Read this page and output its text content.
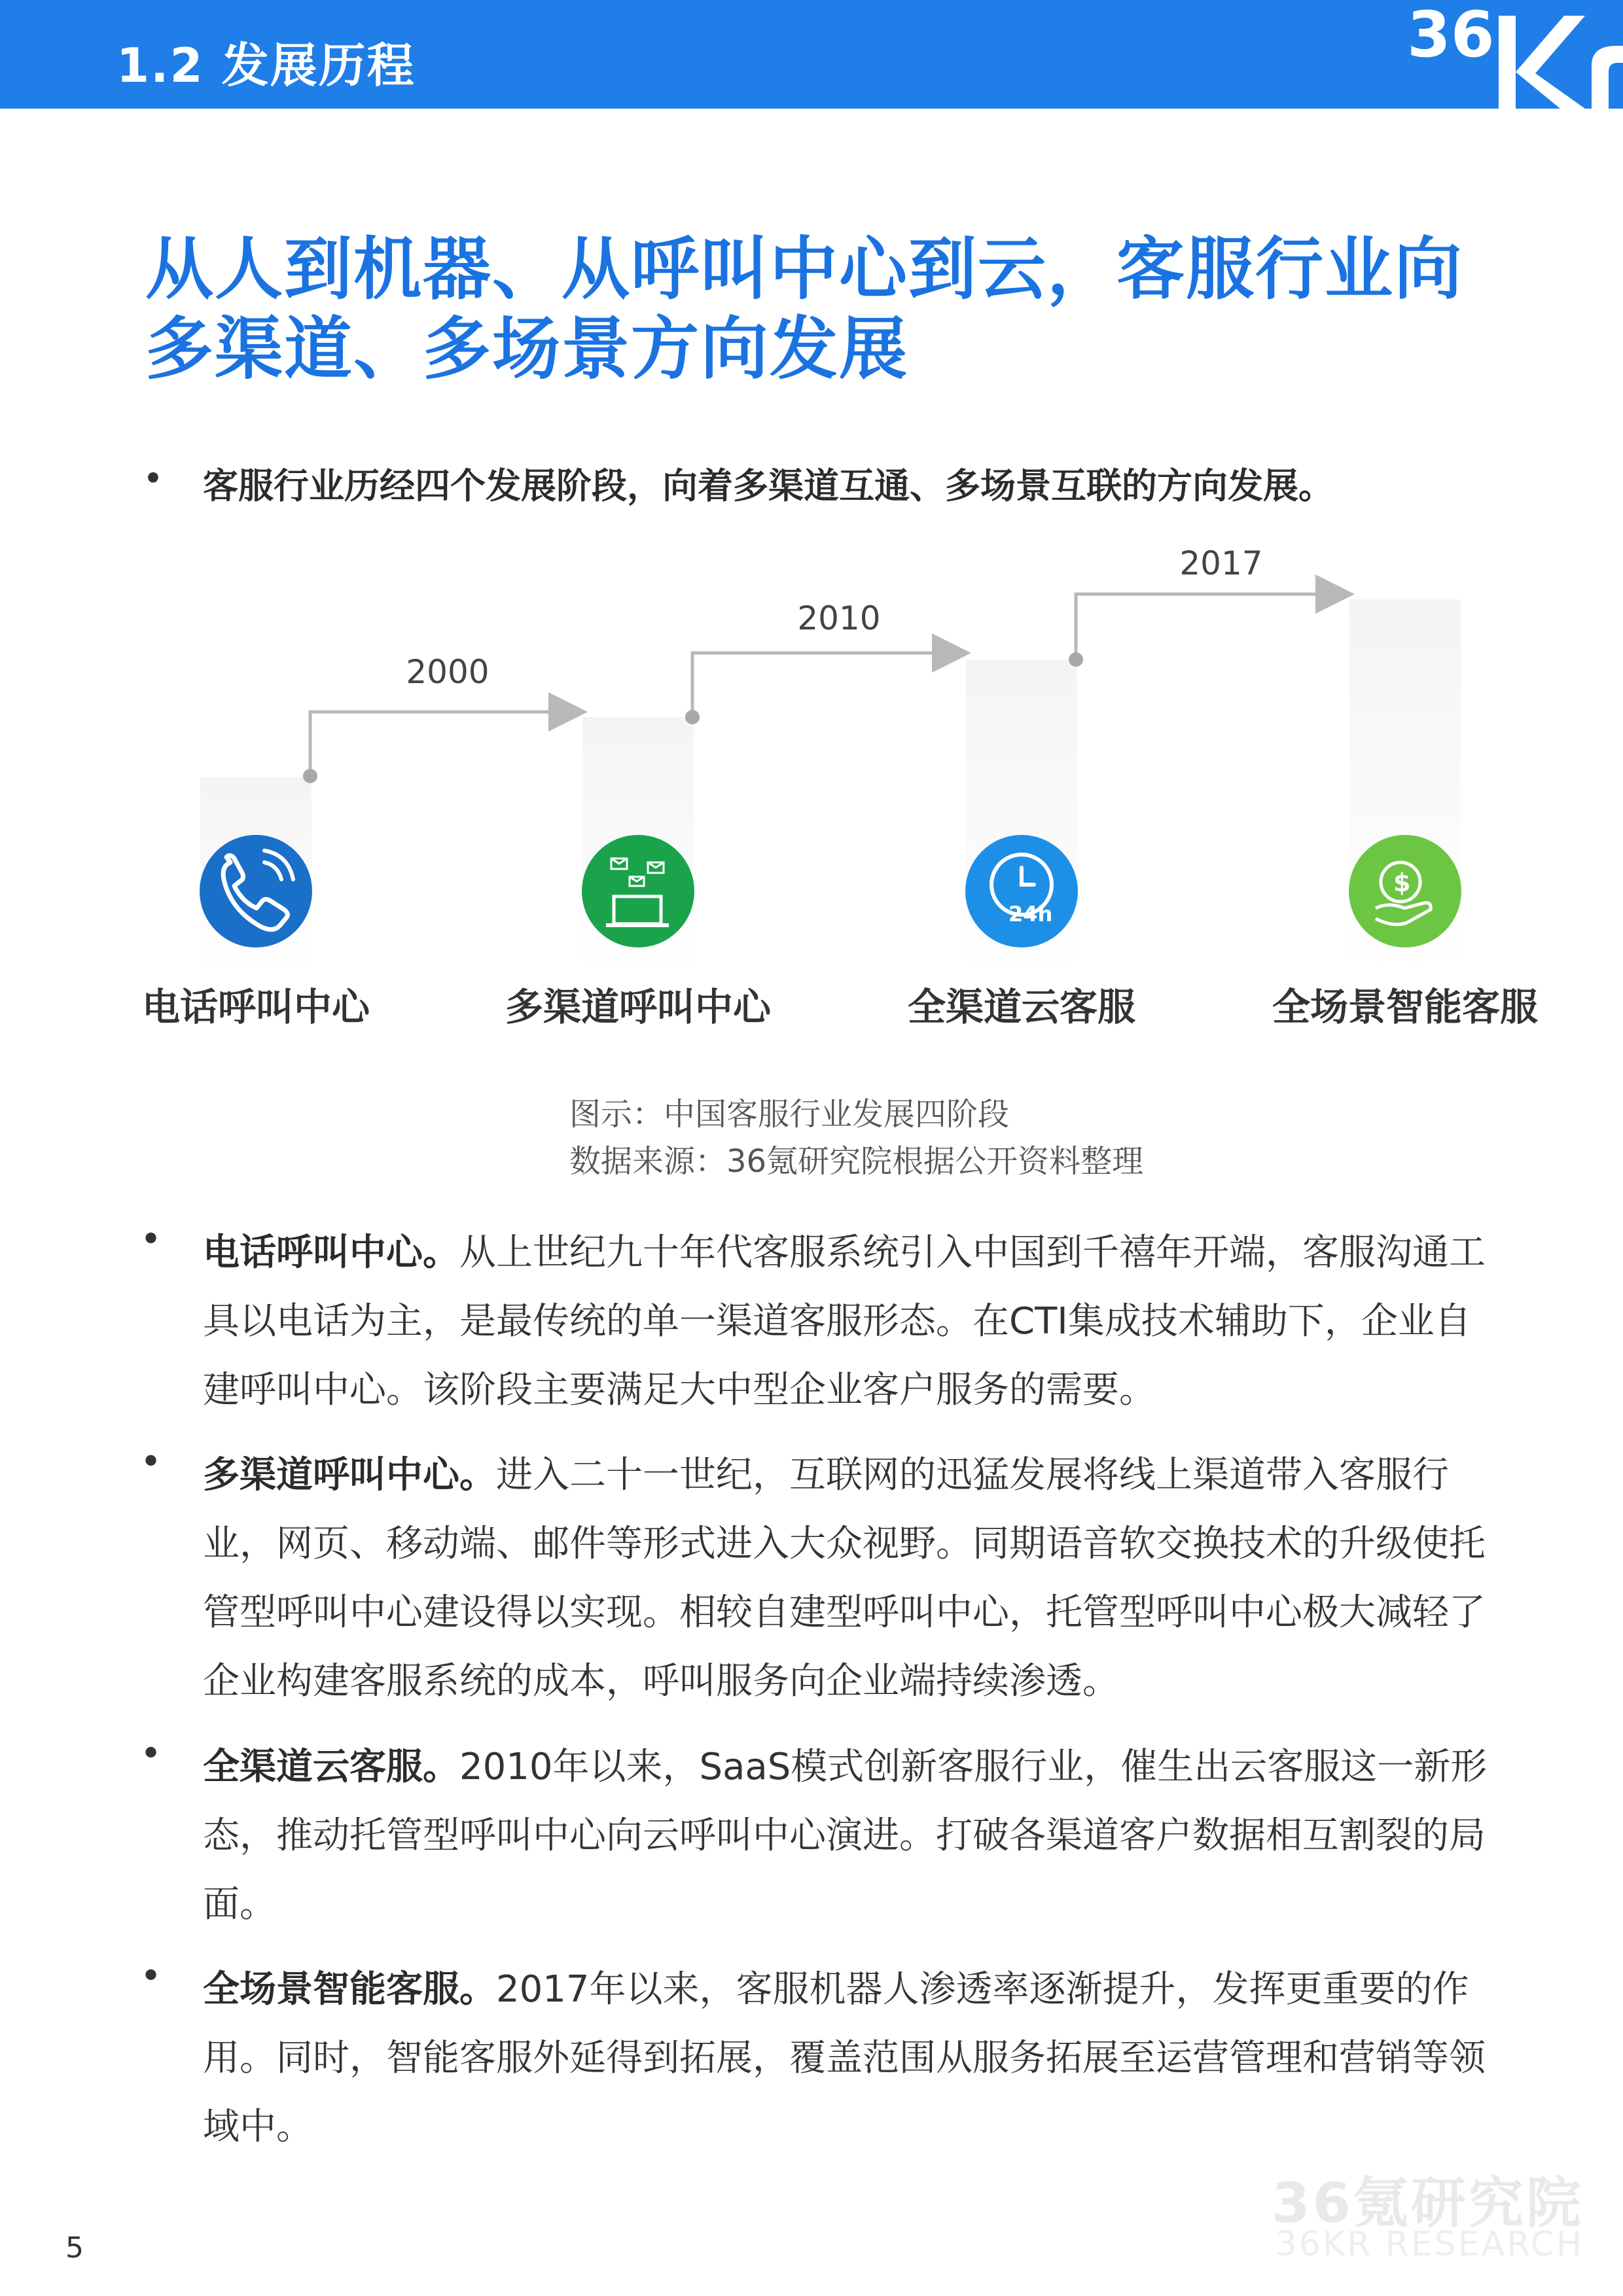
1.2 发展历程	36
从人到机器、从呼叫中心到云，客服行业向多渠道、多场景方向发展
• 客服行业历经四个发展阶段，向着多渠道互通、多场景互联的方向发展。
2000
2010
2017
24h
$
电话呼叫中心	多渠道呼叫中心	全渠道云客服	全场景智能客服
图示：中国客服行业发展四阶段
数据来源：36氪研究院根据公开资料整理
• 电话呼叫中心。从上世纪九十年代客服系统引入中国到千禧年开端，客服沟通工具以电话为主，是最传统的单一渠道客服形态。在CTI集成技术辅助下，企业自建呼叫中心。该阶段主要满足大中型企业客户服务的需要。
• 多渠道呼叫中心。进入二十一世纪，互联网的迅猛发展将线上渠道带入客服行业，网页、移动端、邮件等形式进入大众视野。同期语音软交换技术的升级使托管型呼叫中心建设得以实现。相较自建型呼叫中心，托管型呼叫中心极大减轻了企业构建客服系统的成本，呼叫服务向企业端持续渗透。
• 全渠道云客服。2010年以来，SaaS模式创新客服行业，催生出云客服这一新形态，推动托管型呼叫中心向云呼叫中心演进。打破各渠道客户数据相互割裂的局面。
• 全场景智能客服。2017年以来，客服机器人渗透率逐渐提升，发挥更重要的作用。同时，智能客服外延得到拓展，覆盖范围从服务拓展至运营管理和营销等领域中。
36氪研究院
36KR RESEARCH
5
